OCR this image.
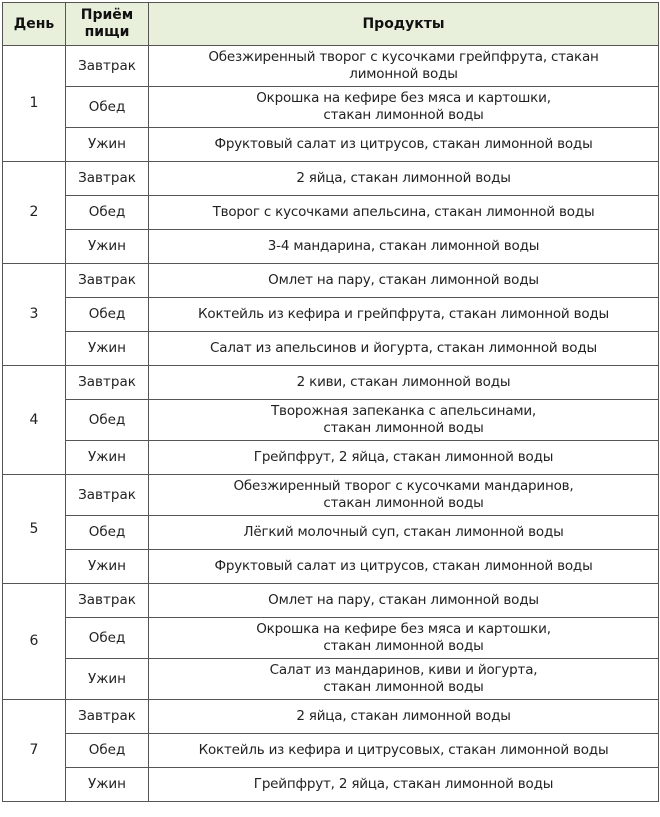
День	Приём пищи	Продукты
1	Завтрак	Обезжиренный творог с кусочками грейпфрута, стакан
лимонной воды
	Обед	Окрошка на кефире без мяса и картошки,
стакан лимонной воды
	Ужин	Фруктовый салат из цитрусов, стакан лимонной воды
2	Завтрак	2 яйца, стакан лимонной воды
	Обед	Творог с кусочками апельсина, стакан лимонной воды
	Ужин	3-4 мандарина, стакан лимонной воды
3	Завтрак	Омлет на пару, стакан лимонной воды
	Обед	Коктейль из кефира и грейпфрута, стакан лимонной воды
	Ужин	Салат из апельсинов и йогурта, стакан лимонной воды
4	Завтрак	2 киви, стакан лимонной воды
	Обед	Творожная запеканка с апельсинами,
стакан лимонной воды
	Ужин	Грейпфрут, 2 яйца, стакан лимонной воды
5	Завтрак	Обезжиренный творог с кусочками мандаринов,
стакан лимонной воды
	Обед	Лёгкий молочный суп, стакан лимонной воды
	Ужин	Фруктовый салат из цитрусов, стакан лимонной воды
6	Завтрак	Омлет на пару, стакан лимонной воды
	Обед	Окрошка на кефире без мяса и картошки,
стакан лимонной воды
	Ужин	Салат из мандаринов, киви и йогурта,
стакан лимонной воды
7	Завтрак	2 яйца, стакан лимонной воды
	Обед	Коктейль из кефира и цитрусовых, стакан лимонной воды
	Ужин	Грейпфрут, 2 яйца, стакан лимонной воды
